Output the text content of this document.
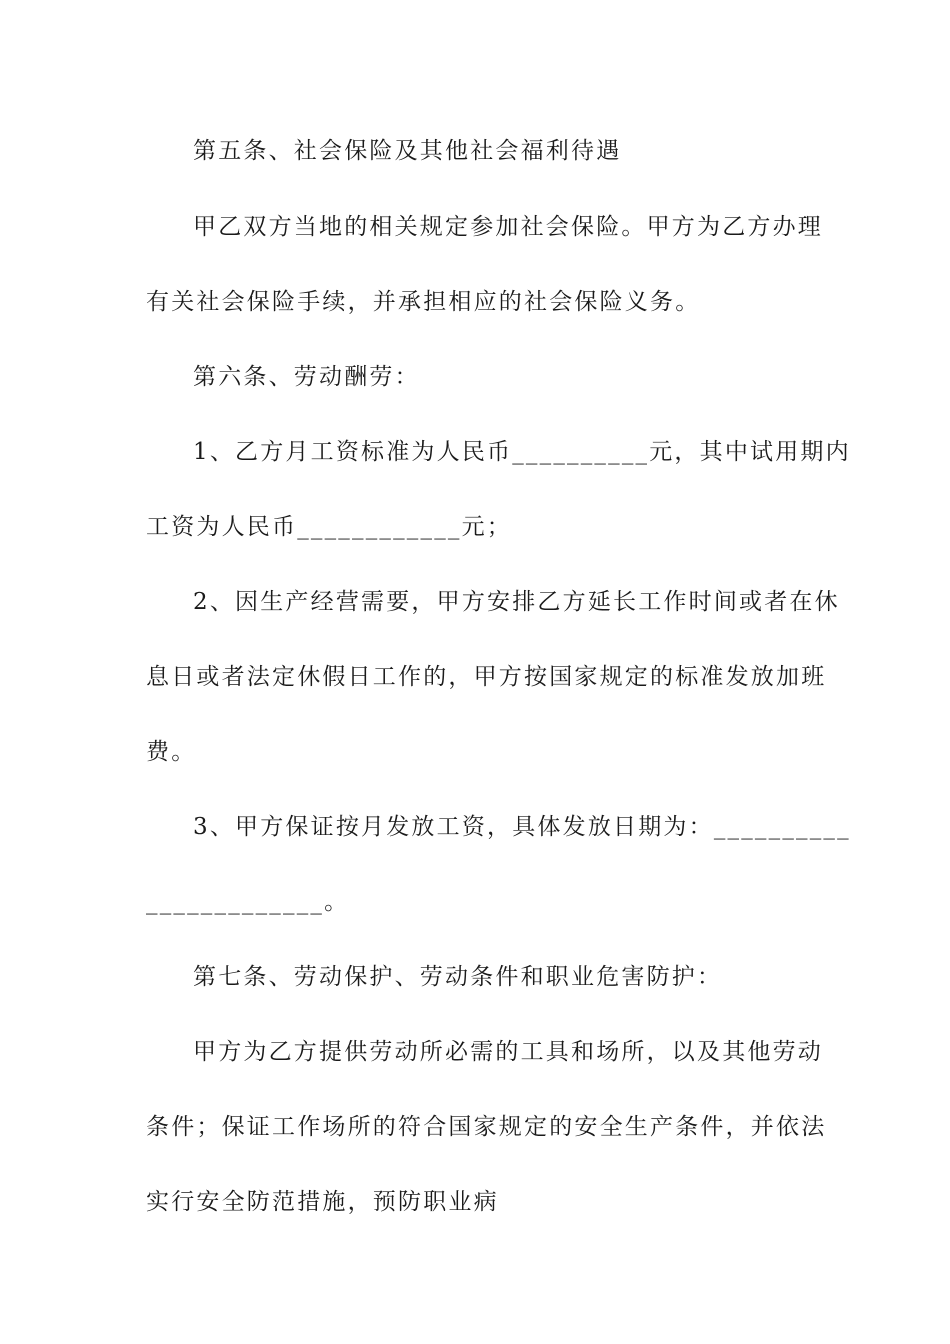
第五条、社会保险及其他社会福利待遇
甲乙双方当地的相关规定参加社会保险。甲方为乙方办理
有关社会保险手续，并承担相应的社会保险义务。
第六条、劳动酬劳：
1、乙方月工资标准为人民币__________元，其中试用期内
工资为人民币____________元；
2、因生产经营需要，甲方安排乙方延长工作时间或者在休
息日或者法定休假日工作的，甲方按国家规定的标准发放加班
费。
3、甲方保证按月发放工资，具体发放日期为：__________
_____________。
第七条、劳动保护、劳动条件和职业危害防护：
甲方为乙方提供劳动所必需的工具和场所，以及其他劳动
条件；保证工作场所的符合国家规定的安全生产条件，并依法
实行安全防范措施，预防职业病
